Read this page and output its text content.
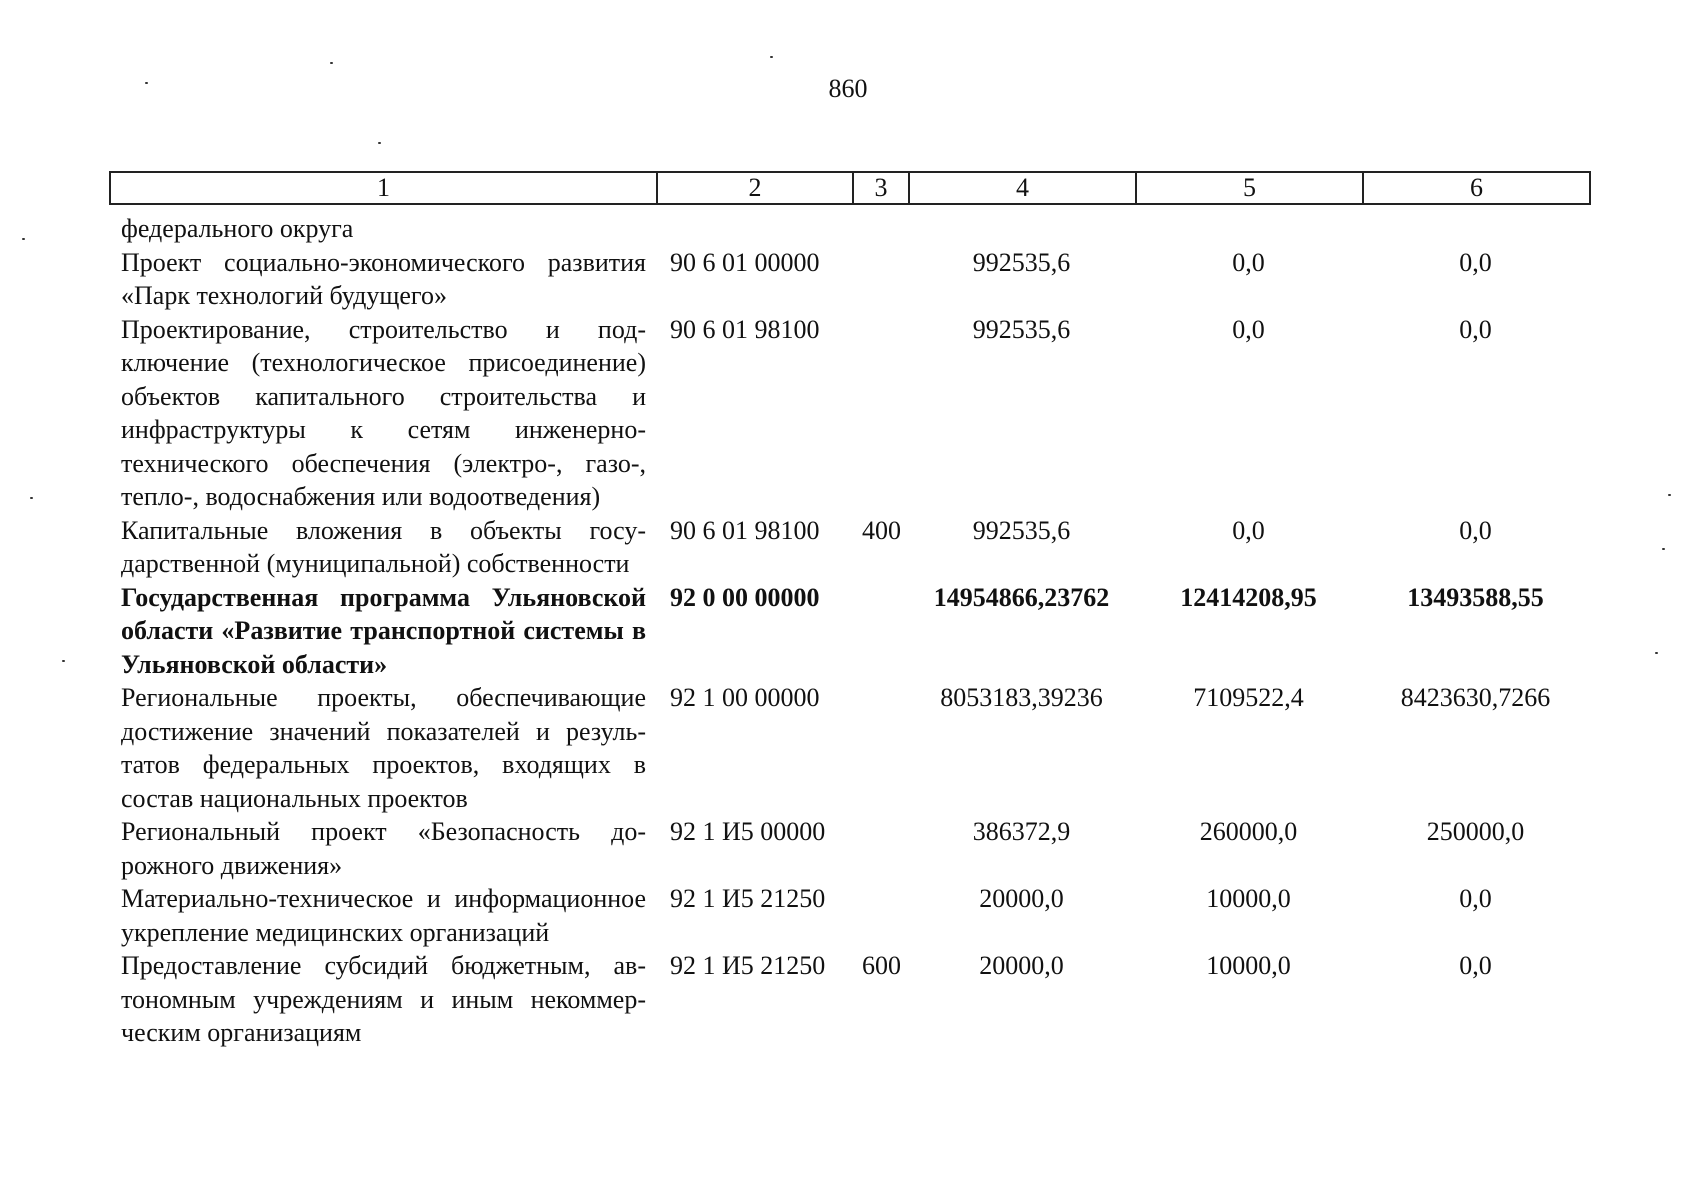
860
1	2	3	4	5	6
федерального округа					
Проект социально-экономического развития «Парк технологий будущего»	90 6 01 00000		992535,6	0,0	0,0
Проектирование, строительство и подключение (технологическое присоединение) объектов капитального строительства и инфраструктуры к сетям инженерно-технического обеспечения (электро-, газо-, тепло-, водоснабжения или водоотведения)	90 6 01 98100		992535,6	0,0	0,0
Капитальные вложения в объекты государственной (муниципальной) собственности	90 6 01 98100	400	992535,6	0,0	0,0
Государственная программа Ульяновской области «Развитие транспортной системы в Ульяновской области»	92 0 00 00000		14954866,23762	12414208,95	13493588,55
Региональные проекты, обеспечивающие достижение значений показателей и результатов федеральных проектов, входящих в состав национальных проектов	92 1 00 00000		8053183,39236	7109522,4	8423630,7266
Региональный проект «Безопасность дорожного движения»	92 1 И5 00000		386372,9	260000,0	250000,0
Материально-техническое и информационное укрепление медицинских организаций	92 1 И5 21250		20000,0	10000,0	0,0
Предоставление субсидий бюджетным, автономным учреждениям и иным некоммерческим организациям	92 1 И5 21250	600	20000,0	10000,0	0,0
